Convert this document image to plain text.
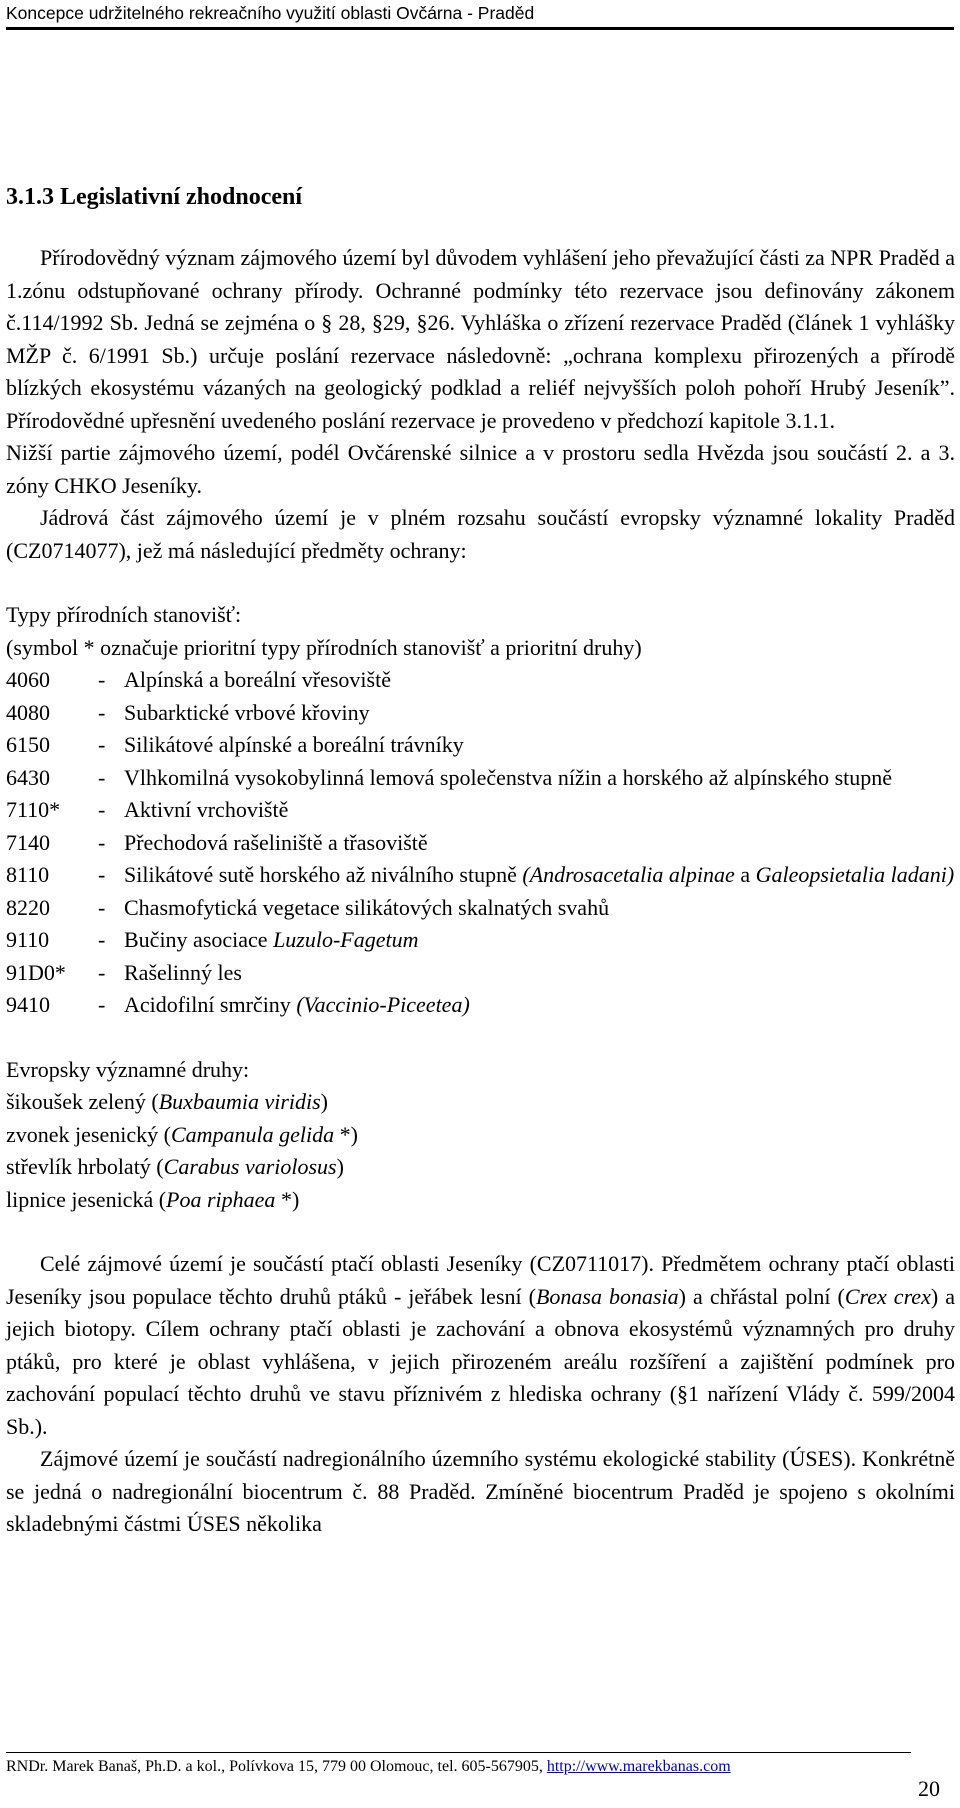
Koncepce udržitelného rekreačního využití oblasti Ovčárna - Praděd
3.1.3 Legislativní zhodnocení

Přírodovědný význam zájmového území byl důvodem vyhlášení jeho převažující části za NPR Praděd a 1.zónu odstupňované ochrany přírody. Ochranné podmínky této rezervace jsou definovány zákonem č.114/1992 Sb. Jedná se zejména o § 28, §29, §26. Vyhláška o zřízení rezervace Praděd (článek 1 vyhlášky MŽP č. 6/1991 Sb.) určuje poslání rezervace následovně: „ochrana komplexu přirozených a přírodě blízkých ekosystému vázaných na geologický podklad a reliéf nejvyšších poloh pohoří Hrubý Jeseník”. Přírodovědné upřesnění uvedeného poslání rezervace je provedeno v předchozí kapitole 3.1.1.

Nižší partie zájmového území, podél Ovčárenské silnice a v prostoru sedla Hvězda jsou součástí 2. a 3. zóny CHKO Jeseníky.

Jádrová část zájmového území je v plném rozsahu součástí evropsky významné lokality Praděd (CZ0714077), jež má následující předměty ochrany:

Typy přírodních stanovišť:

(symbol * označuje prioritní typy přírodních stanovišť a prioritní druhy)

4060	- Alpínská a boreální vřesoviště
4080	- Subarktické vrbové křoviny
6150	- Silikátové alpínské a boreální trávníky
6430	- Vlhkomilná vysokobylinná lemová společenstva nížin a horského až alpínského stupně
7110*	- Aktivní vrchoviště
7140	- Přechodová rašeliniště a třasoviště
8110	- Silikátové sutě horského až niválního stupně (Androsacetalia alpinae a Galeopsietalia ladani)
8220	- Chasmofytická vegetace silikátových skalnatých svahů
9110	- Bučiny asociace Luzulo-Fagetum
91D0*	- Rašelinný les
9410	- Acidofilní smrčiny (Vaccinio-Piceetea)

Evropsky významné druhy:

šikoušek zelený (Buxbaumia viridis)

zvonek jesenický (Campanula gelida *)

střevlík hrbolatý (Carabus variolosus)

lipnice jesenická (Poa riphaea *)

Celé zájmové území je součástí ptačí oblasti Jeseníky (CZ0711017). Předmětem ochrany ptačí oblasti Jeseníky jsou populace těchto druhů ptáků - jeřábek lesní (Bonasa bonasia) a chřástal polní (Crex crex) a jejich biotopy. Cílem ochrany ptačí oblasti je zachování a obnova ekosystémů významných pro druhy ptáků, pro které je oblast vyhlášena, v jejich přirozeném areálu rozšíření a zajištění podmínek pro zachování populací těchto druhů ve stavu příznivém z hlediska ochrany (§1 nařízení Vlády č. 599/2004 Sb.).

Zájmové území je součástí nadregionálního územního systému ekologické stability (ÚSES). Konkrétně se jedná o nadregionální biocentrum č. 88 Praděd. Zmíněné biocentrum Praděd je spojeno s okolními skladebnými částmi ÚSES několika

RNDr. Marek Banaš, Ph.D. a kol., Polívkova 15, 779 00 Olomouc, tel. 605-567905, http://www.marekbanas.com
20
